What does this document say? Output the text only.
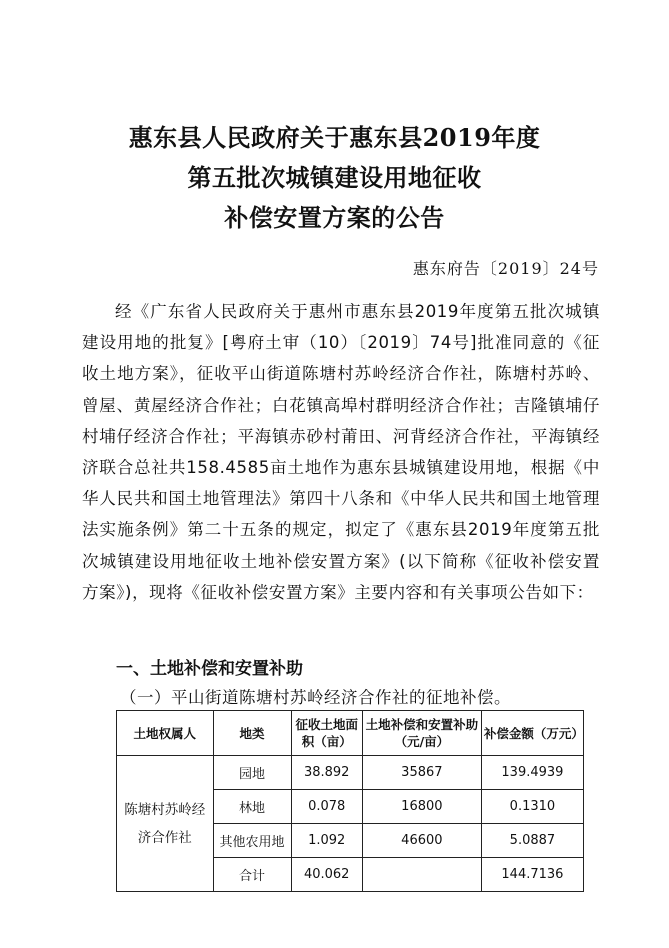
惠东县人民政府关于惠东县2019年度
第五批次城镇建设用地征收
补偿安置方案的公告
惠东府告〔2019〕24号
经《广东省人民政府关于惠州市惠东县2019年度第五批次城镇建设用地的批复》[粤府土审（10）〔2019〕74号]批准同意的《征收土地方案》，征收平山街道陈塘村苏岭经济合作社，陈塘村苏岭、曾屋、黄屋经济合作社；白花镇高埠村群明经济合作社；吉隆镇埔仔村埔仔经济合作社；平海镇赤砂村莆田、河背经济合作社，平海镇经济联合总社共158.4585亩土地作为惠东县城镇建设用地，根据《中华人民共和国土地管理法》第四十八条和《中华人民共和国土地管理法实施条例》第二十五条的规定，拟定了《惠东县2019年度第五批次城镇建设用地征收土地补偿安置方案》(以下简称《征收补偿安置方案》)，现将《征收补偿安置方案》主要内容和有关事项公告如下：
一、土地补偿和安置补助
（一）平山街道陈塘村苏岭经济合作社的征地补偿。
土地权属人	地类	征收土地面积（亩）	土地补偿和安置补助（元/亩）	补偿金额（万元）
陈塘村苏岭经济合作社	园地	38.892	35867	139.4939
	林地	0.078	16800	0.1310
	其他农用地	1.092	46600	5.0887
	合计	40.062		144.7136
